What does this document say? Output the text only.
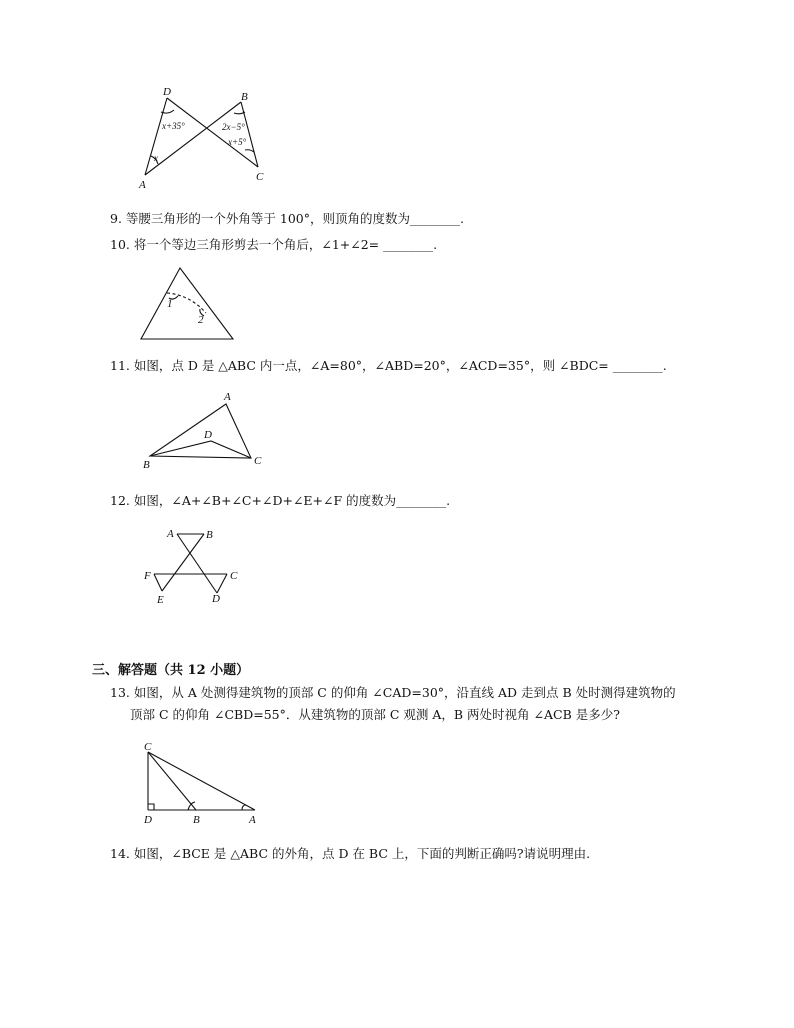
D	B
A
C
x+35°
x
2x−5°
x+5°
9. 等腰三角形的一个外角等于 100°，则顶角的度数为________.
10. 将一个等边三角形剪去一个角后，∠1+∠2= ________.
1
2
11. 如图，点 D 是 △ABC 内一点，∠A=80°，∠ABD=20°，∠ACD=35°，则 ∠BDC= ________.
A
B	C
D
12. 如图，∠A+∠B+∠C+∠D+∠E+∠F 的度数为________.
A	B
F	C
E	D
三、解答题（共 12 小题）
13. 如图，从 A 处测得建筑物的顶部 C 的仰角 ∠CAD=30°，沿直线 AD 走到点 B 处时测得建筑物的
顶部 C 的仰角 ∠CBD=55°．从建筑物的顶部 C 观测 A，B 两处时视角 ∠ACB 是多少?
C
D	B	A
14. 如图，∠BCE 是 △ABC 的外角，点 D 在 BC 上，下面的判断正确吗?请说明理由.
